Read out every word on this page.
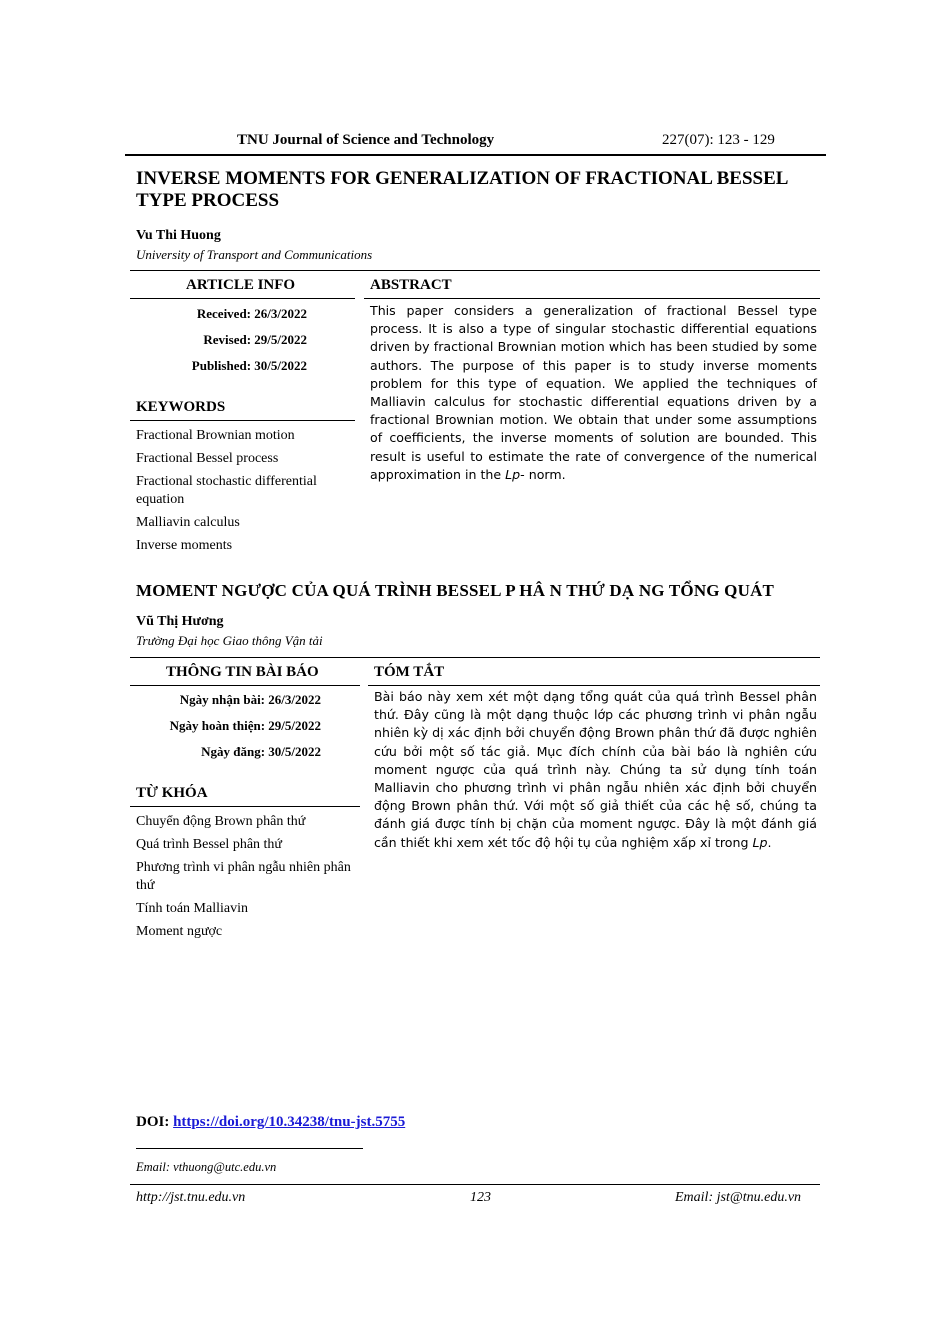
TNU Journal of Science and Technology	227(07): 123 - 129
INVERSE MOMENTS FOR GENERALIZATION OF FRACTIONAL BESSEL TYPE PROCESS
Vu Thi Huong
University of Transport and Communications
ARTICLE INFO	ABSTRACT
Received: 26/3/2022
Revised: 29/5/2022
Published: 30/5/2022
KEYWORDS
Fractional Brownian motion
Fractional Bessel process
Fractional stochastic differential equation
Malliavin calculus
Inverse moments
This paper considers a generalization of fractional Bessel type process. It is also a type of singular stochastic differential equations driven by fractional Brownian motion which has been studied by some authors. The purpose of this paper is to study inverse moments problem for this type of equation. We applied the techniques of Malliavin calculus for stochastic differential equations driven by a fractional Brownian motion. We obtain that under some assumptions of coefficients, the inverse moments of solution are bounded. This result is useful to estimate the rate of convergence of the numerical approximation in the Lp- norm.
MOMENT NGƯỢC CỦA QUÁ TRÌNH BESSEL P HÂ N THỨ DẠ NG TỔNG QUÁT
Vũ Thị Hương
Trường Đại học Giao thông Vận tải
THÔNG TIN BÀI BÁO	TÓM TẮT
Ngày nhận bài: 26/3/2022
Ngày hoàn thiện: 29/5/2022
Ngày đăng: 30/5/2022
TỪ KHÓA
Chuyển động Brown phân thứ
Quá trình Bessel phân thứ
Phương trình vi phân ngẫu nhiên phân thứ
Tính toán Malliavin
Moment ngược
Bài báo này xem xét một dạng tổng quát của quá trình Bessel phân thứ. Đây cũng là một dạng thuộc lớp các phương trình vi phân ngẫu nhiên kỳ dị xác định bởi chuyển động Brown phân thứ đã được nghiên cứu bởi một số tác giả. Mục đích chính của bài báo là nghiên cứu moment ngược của quá trình này. Chúng ta sử dụng tính toán Malliavin cho phương trình vi phân ngẫu nhiên xác định bởi chuyển động Brown phân thứ. Với một số giả thiết của các hệ số, chúng ta đánh giá được tính bị chặn của moment ngược. Đây là một đánh giá cần thiết khi xem xét tốc độ hội tụ của nghiệm xấp xỉ trong Lp.
DOI: https://doi.org/10.34238/tnu-jst.5755
Email: vthuong@utc.edu.vn
http://jst.tnu.edu.vn	123	Email: jst@tnu.edu.vn
